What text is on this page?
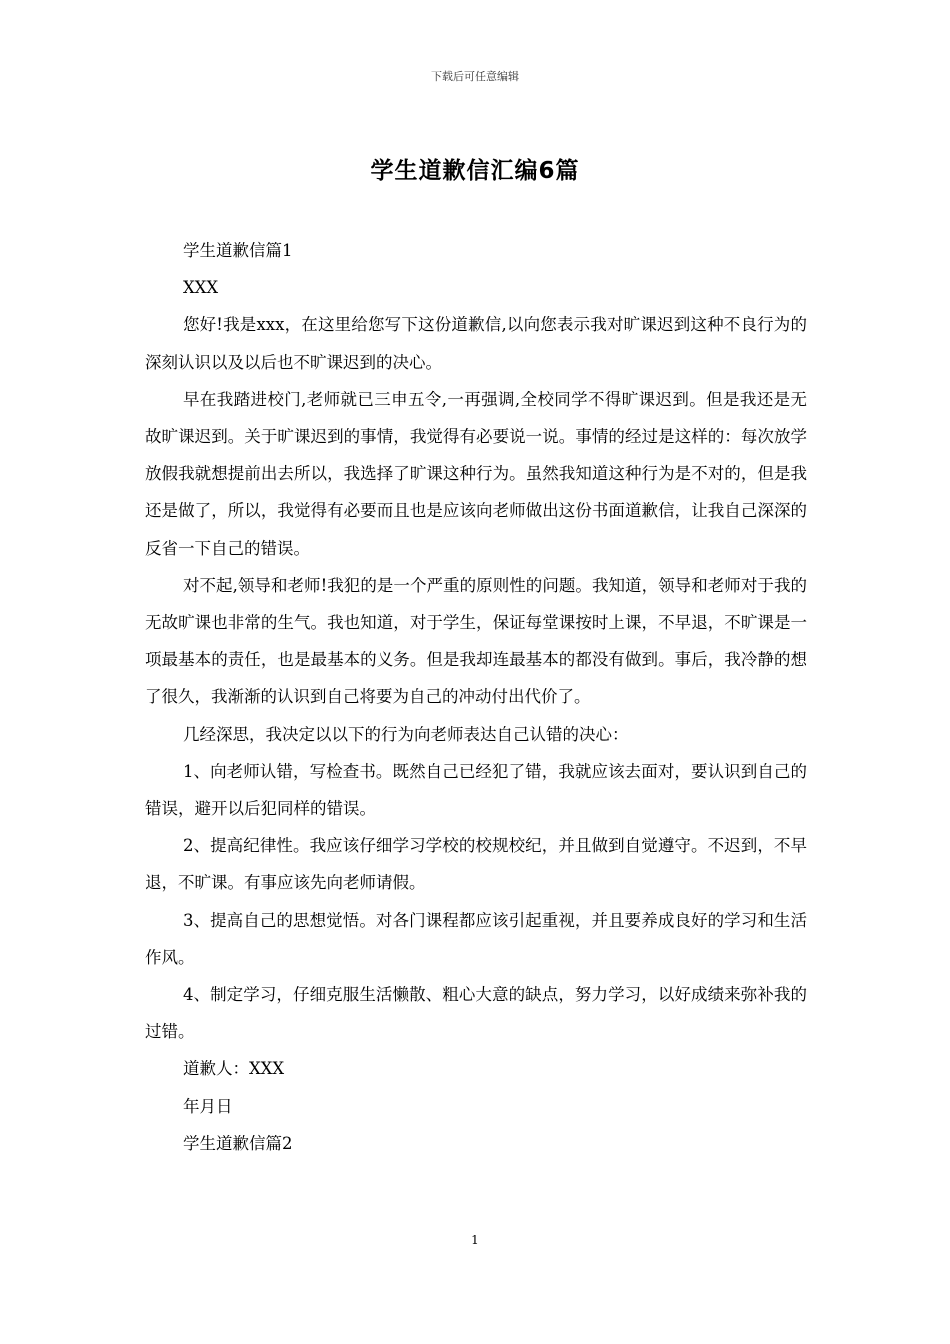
下载后可任意编辑
学生道歉信汇编6篇

学生道歉信篇1

XXX

您好!我是xxx，在这里给您写下这份道歉信,以向您表示我对旷课迟到这种不良行为的深刻认识以及以后也不旷课迟到的决心。

早在我踏进校门,老师就已三申五令,一再强调,全校同学不得旷课迟到。但是我还是无故旷课迟到。关于旷课迟到的事情，我觉得有必要说一说。事情的经过是这样的：每次放学放假我就想提前出去所以，我选择了旷课这种行为。虽然我知道这种行为是不对的，但是我还是做了，所以，我觉得有必要而且也是应该向老师做出这份书面道歉信，让我自己深深的反省一下自己的错误。

对不起,领导和老师!我犯的是一个严重的原则性的问题。我知道，领导和老师对于我的无故旷课也非常的生气。我也知道，对于学生，保证每堂课按时上课，不早退，不旷课是一项最基本的责任，也是最基本的义务。但是我却连最基本的都没有做到。事后，我冷静的想了很久，我渐渐的认识到自己将要为自己的冲动付出代价了。

几经深思，我决定以以下的行为向老师表达自己认错的决心：

1、向老师认错，写检查书。既然自己已经犯了错，我就应该去面对，要认识到自己的错误，避开以后犯同样的错误。

2、提高纪律性。我应该仔细学习学校的校规校纪，并且做到自觉遵守。不迟到，不早退，不旷课。有事应该先向老师请假。

3、提高自己的思想觉悟。对各门课程都应该引起重视，并且要养成良好的学习和生活作风。

4、制定学习，仔细克服生活懒散、粗心大意的缺点，努力学习，以好成绩来弥补我的过错。

道歉人：XXX

年月日

学生道歉信篇2

1
